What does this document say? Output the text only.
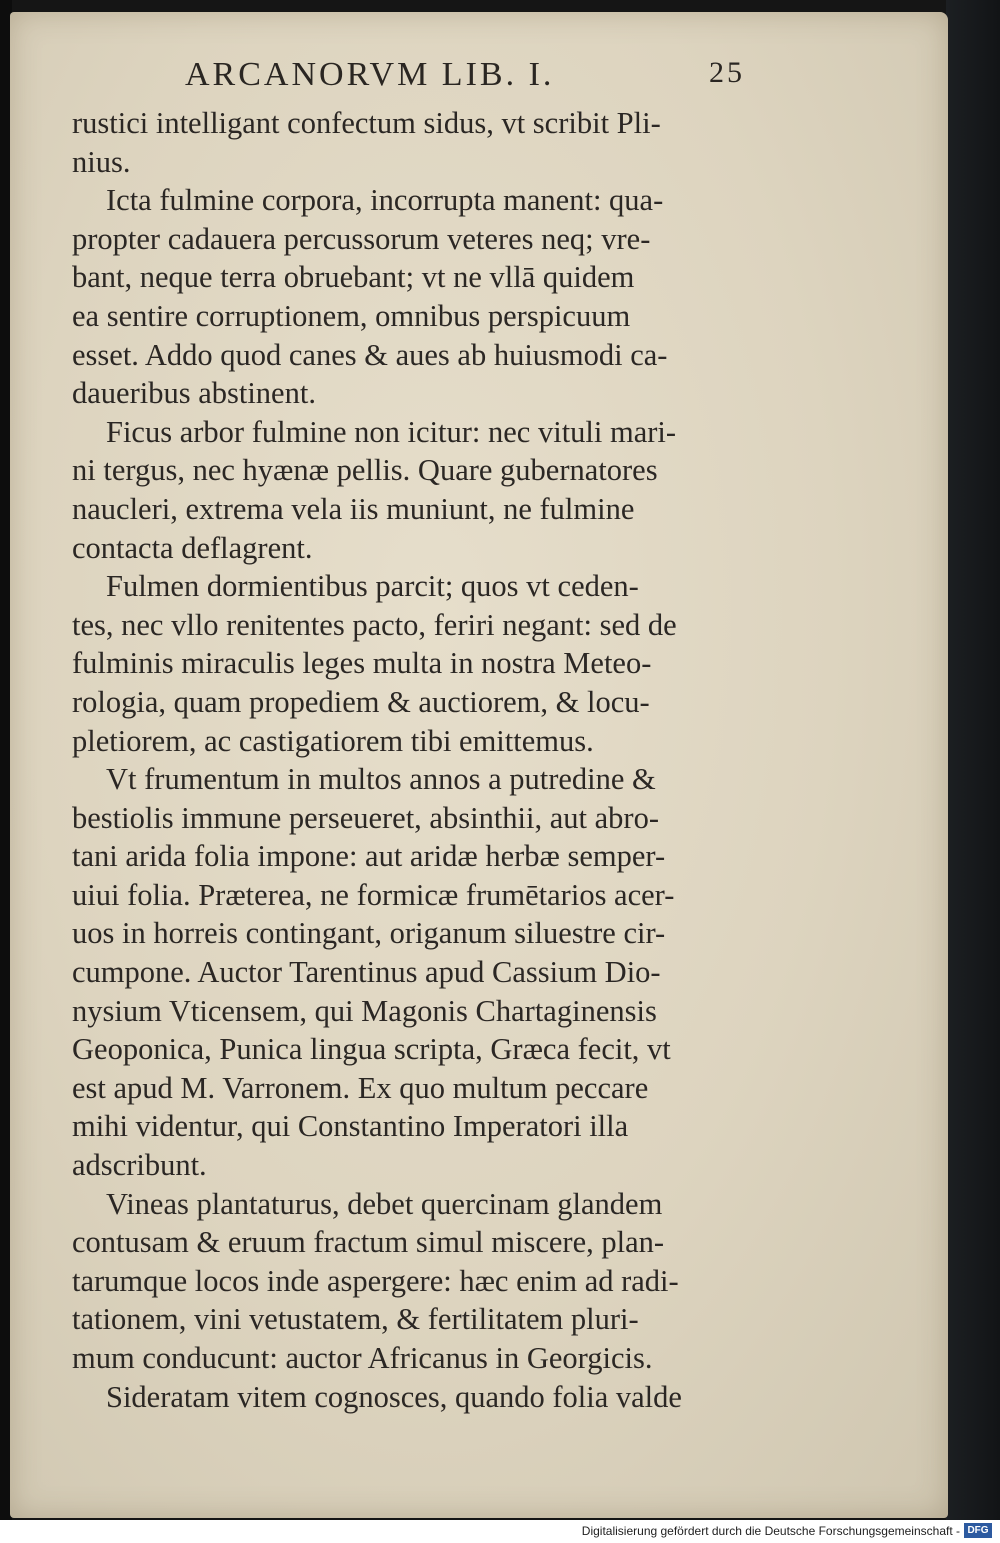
ARCANORVM LIB. I.	25
rustici intelligant confectum sidus, vt scribit Pli-
nius.
Icta fulmine corpora, incorrupta manent: qua-
propter cadauera percussorum veteres neq; vre-
bant, neque terra obruebant; vt ne vllā quidem
ea sentire corruptionem, omnibus perspicuum
esset. Addo quod canes & aues ab huiusmodi ca-
daueribus abstinent.
Ficus arbor fulmine non icitur: nec vituli mari-
ni tergus, nec hyænæ pellis. Quare gubernatores
naucleri, extrema vela iis muniunt, ne fulmine
contacta deflagrent.
Fulmen dormientibus parcit; quos vt ceden-
tes, nec vllo renitentes pacto, feriri negant: sed de
fulminis miraculis leges multa in nostra Meteo-
rologia, quam propediem & auctiorem, & locu-
pletiorem, ac castigatiorem tibi emittemus.
Vt frumentum in multos annos a putredine &
bestiolis immune perseueret, absinthii, aut abro-
tani arida folia impone: aut aridæ herbæ semper-
uiui folia. Præterea, ne formicæ frumētarios acer-
uos in horreis contingant, origanum siluestre cir-
cumpone. Auctor Tarentinus apud Cassium Dio-
nysium Vticensem, qui Magonis Chartaginensis
Geoponica, Punica lingua scripta, Græca fecit, vt
est apud M. Varronem. Ex quo multum peccare
mihi videntur, qui Constantino Imperatori illa
adscribunt.
Vineas plantaturus, debet quercinam glandem
contusam & eruum fractum simul miscere, plan-
tarumque locos inde aspergere: hæc enim ad radi-
tationem, vini vetustatem, & fertilitatem pluri-
mum conducunt: auctor Africanus in Georgicis.
Sideratam vitem cognosces, quando folia valde
Digitalisierung gefördert durch die Deutsche Forschungsgemeinschaft - DFG
